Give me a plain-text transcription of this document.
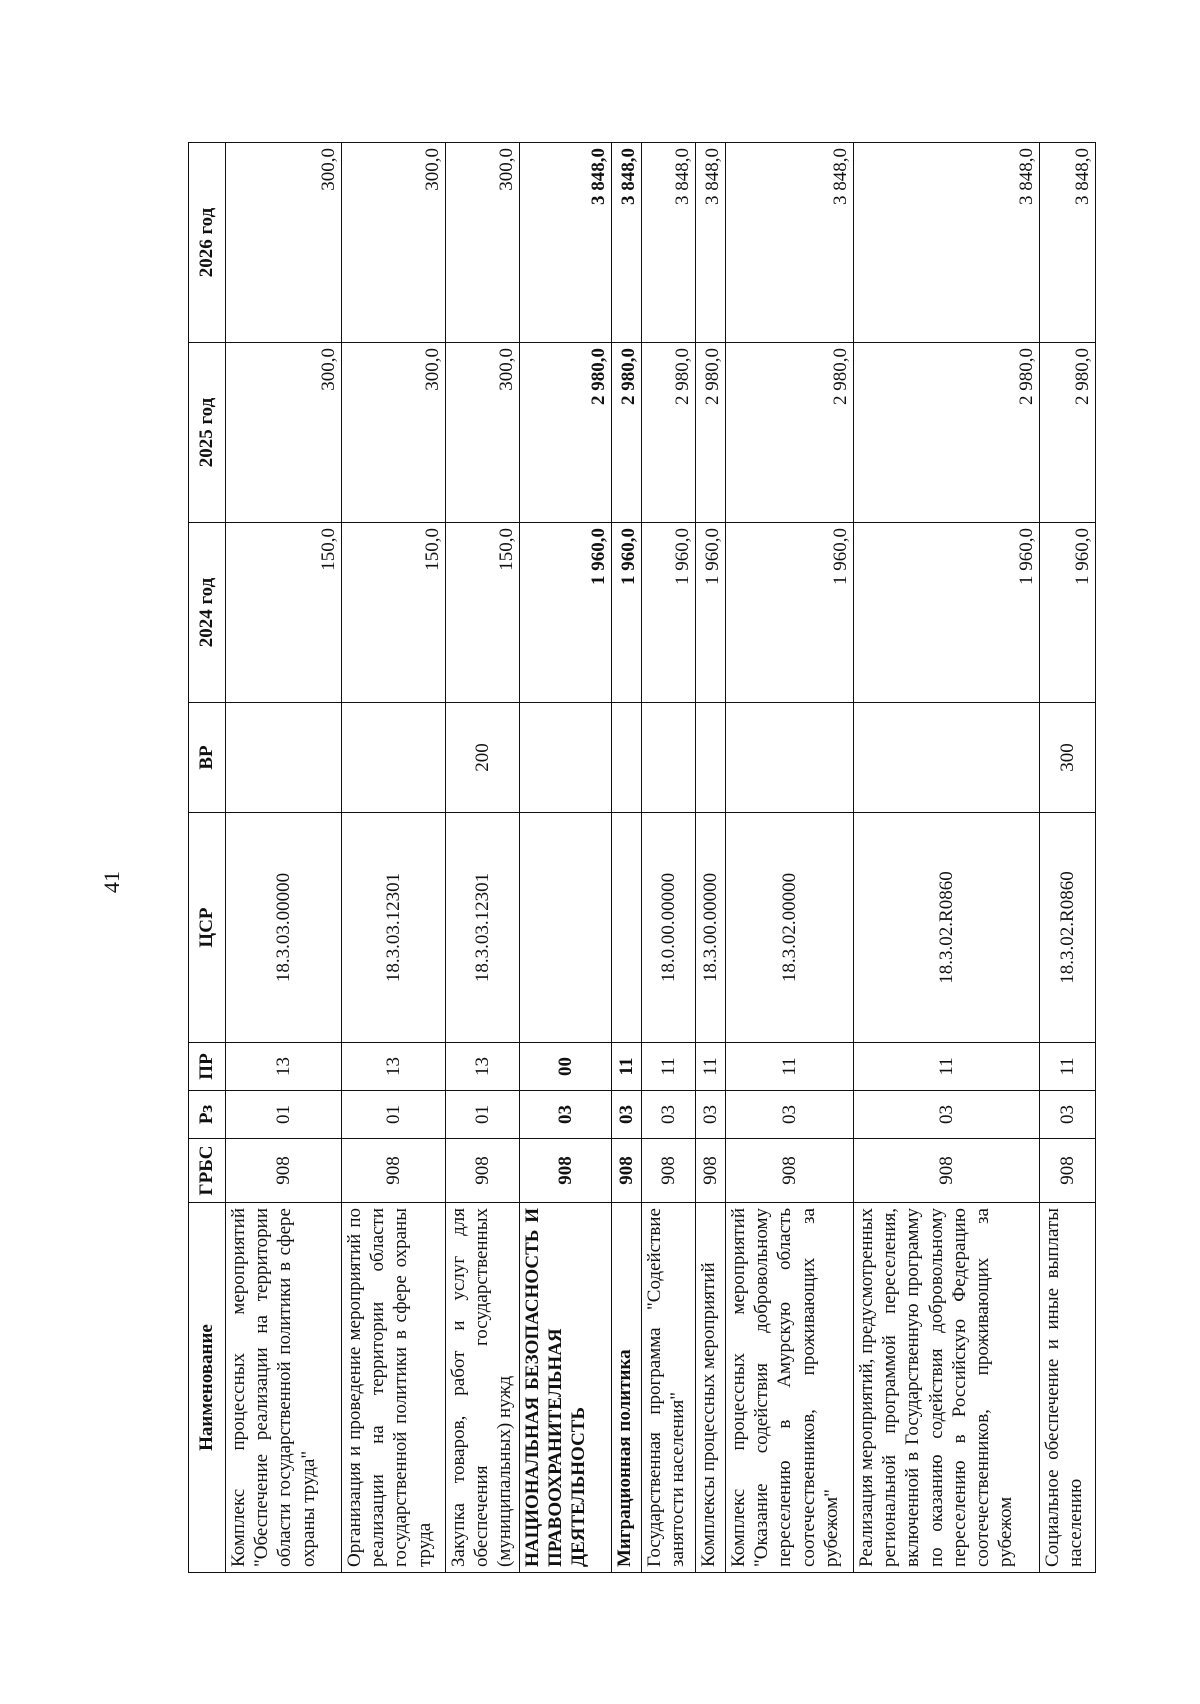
41
Наименование	ГРБС	Рз	ПР	ЦСР	ВР	2024 год	2025 год	2026 год
Комплекс процессных мероприятий "Обеспечение реализации на территории области государственной политики в сфере охраны труда"	908	01	13	18.3.03.00000		150,0	300,0	300,0
Организация и проведение мероприятий по реализации на территории области государственной политики в сфере охраны труда	908	01	13	18.3.03.12301		150,0	300,0	300,0
Закупка товаров, работ и услуг для обеспечения государственных (муниципальных) нужд	908	01	13	18.3.03.12301	200	150,0	300,0	300,0
НАЦИОНАЛЬНАЯ БЕЗОПАСНОСТЬ И ПРАВООХРАНИТЕЛЬНАЯ ДЕЯТЕЛЬНОСТЬ	908	03	00			1 960,0	2 980,0	3 848,0
Миграционная политика	908	03	11			1 960,0	2 980,0	3 848,0
Государственная программа "Содействие занятости населения"	908	03	11	18.0.00.00000		1 960,0	2 980,0	3 848,0
Комплексы процессных мероприятий	908	03	11	18.3.00.00000		1 960,0	2 980,0	3 848,0
Комплекс процессных мероприятий "Оказание содействия добровольному переселению в Амурскую область соотечественников, проживающих за рубежом"	908	03	11	18.3.02.00000		1 960,0	2 980,0	3 848,0
Реализация мероприятий, предусмотренных региональной программой переселения, включенной в Государственную программу по оказанию содействия добровольному переселению в Российскую Федерацию соотечественников, проживающих за рубежом	908	03	11	18.3.02.R0860		1 960,0	2 980,0	3 848,0
Социальное обеспечение и иные выплаты населению	908	03	11	18.3.02.R0860	300	1 960,0	2 980,0	3 848,0
